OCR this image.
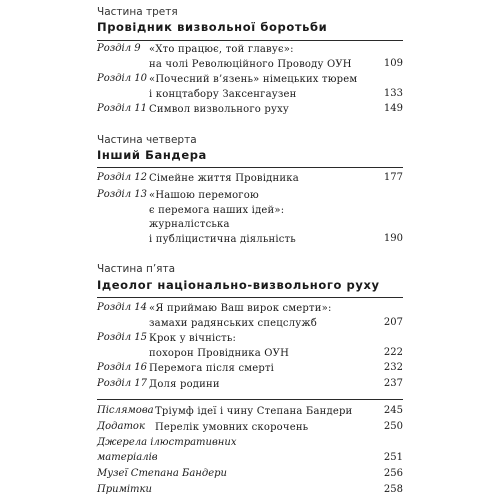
Частина третя
Провідник визвольної боротьби
Розділ 9 «Хто працює, той главує»:
на чолі Революційного Проводу ОУН	109
Розділ 10 «Почесний в’язень» німецьких тюрем
і концтабору Заксенгаузен	133
Розділ 11 Символ визвольного руху	149
Частина четверта
Інший Бандера
Розділ 12 Сімейне життя Провідника	177
Розділ 13 «Нашою перемогою
є перемога наших ідей»:
журналістська
і публіцистична діяльність	190
Частина п’ята
Ідеолог національно-визвольного руху
Розділ 14 «Я приймаю Ваш вирок смерти»:
замахи радянських спецслужб	207
Розділ 15 Крок у вічність:
похорон Провідника ОУН	222
Розділ 16 Перемога після смерті	232
Розділ 17 Доля родини	237
Післямова Тріумф ідеї і чину Степана Бандери	245
Додаток Перелік умовних скорочень	250
Джерела ілюстративних
матеріалів	251
Музеї Степана Бандери	256
Примітки	258
